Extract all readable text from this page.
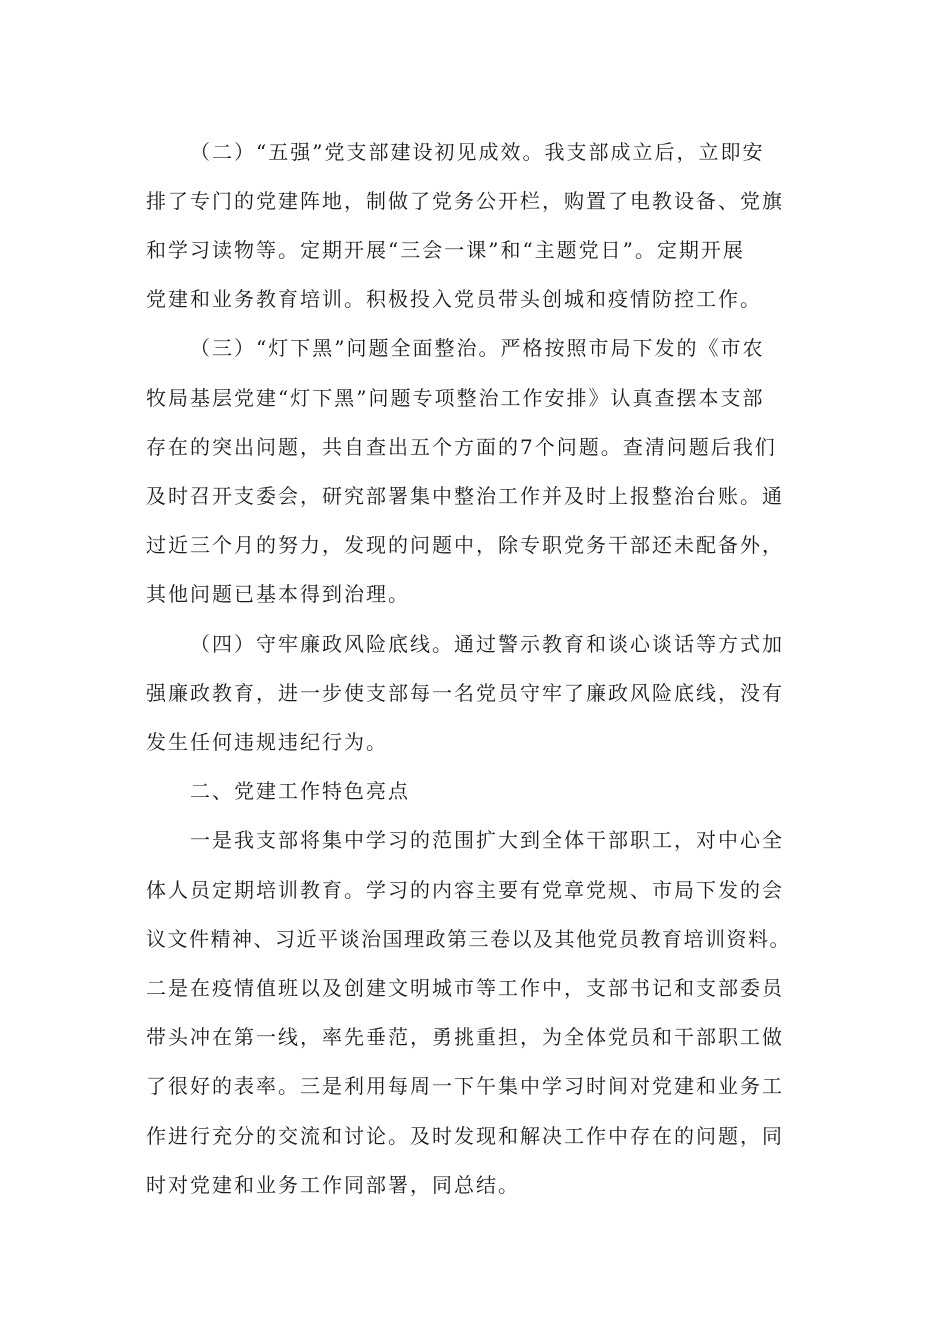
（二）“五强”党支部建设初见成效。我支部成立后，立即安
排了专门的党建阵地，制做了党务公开栏，购置了电教设备、党旗
和学习读物等。定期开展“三会一课”和“主题党日”。定期开展
党建和业务教育培训。积极投入党员带头创城和疫情防控工作。
（三）“灯下黑”问题全面整治。严格按照市局下发的《市农
牧局基层党建“灯下黑”问题专项整治工作安排》认真查摆本支部
存在的突出问题，共自查出五个方面的7个问题。查清问题后我们
及时召开支委会，研究部署集中整治工作并及时上报整治台账。通
过近三个月的努力，发现的问题中，除专职党务干部还未配备外，
其他问题已基本得到治理。
（四）守牢廉政风险底线。通过警示教育和谈心谈话等方式加
强廉政教育，进一步使支部每一名党员守牢了廉政风险底线，没有
发生任何违规违纪行为。
二、党建工作特色亮点
一是我支部将集中学习的范围扩大到全体干部职工，对中心全
体人员定期培训教育。学习的内容主要有党章党规、市局下发的会
议文件精神、习近平谈治国理政第三卷以及其他党员教育培训资料。
二是在疫情值班以及创建文明城市等工作中，支部书记和支部委员
带头冲在第一线，率先垂范，勇挑重担，为全体党员和干部职工做
了很好的表率。三是利用每周一下午集中学习时间对党建和业务工
作进行充分的交流和讨论。及时发现和解决工作中存在的问题，同
时对党建和业务工作同部署，同总结。
